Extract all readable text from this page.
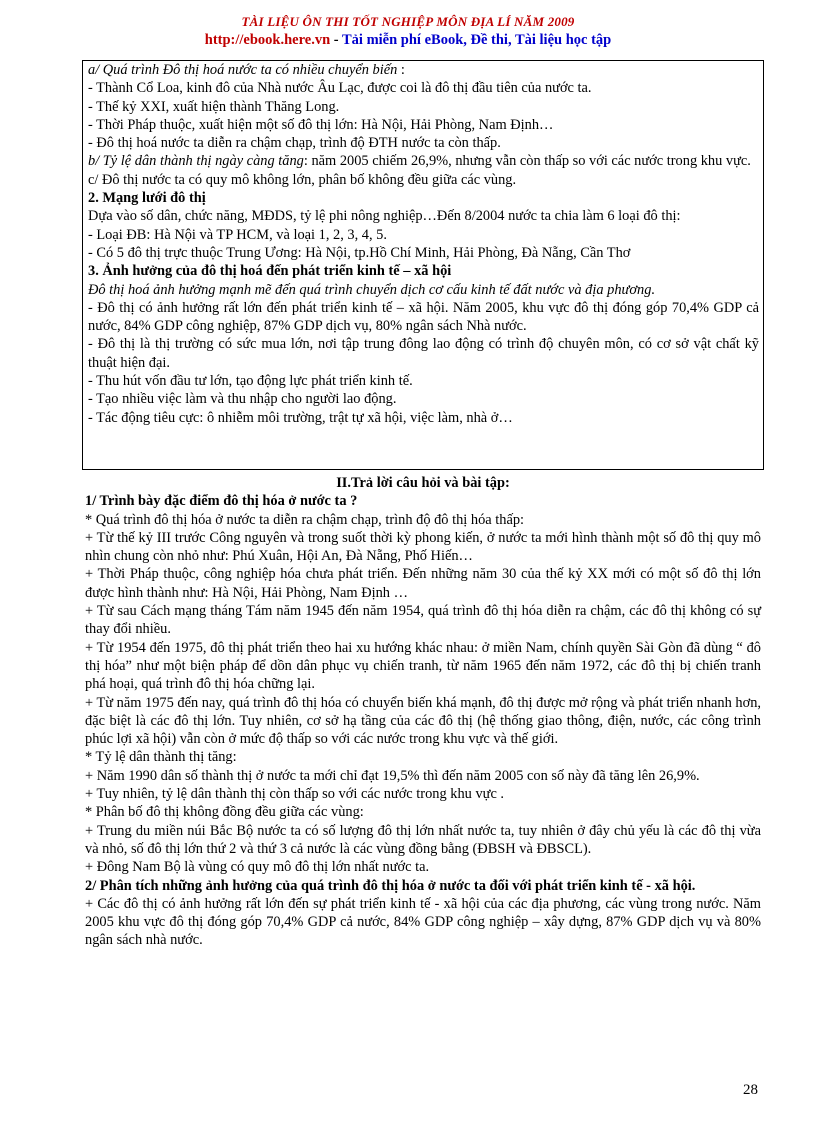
TÀI LIỆU ÔN THI TỐT NGHIỆP MÔN ĐỊA LÍ NĂM 2009
http://ebook.here.vn - Tải miễn phí eBook, Đề thi, Tài liệu học tập
a/ Quá trình Đô thị hoá nước ta có nhiều chuyển biến :
- Thành Cổ Loa, kinh đô của Nhà nước Âu Lạc, được coi là đô thị đầu tiên của nước ta.
- Thế kỷ XXI, xuất hiện thành Thăng Long.
- Thời Pháp thuộc, xuất hiện một số đô thị lớn: Hà Nội, Hải Phòng, Nam Định…
- Đô thị hoá nước ta diễn ra chậm chạp, trình độ ĐTH nước ta còn thấp.
b/ Tỷ lệ dân thành thị ngày càng tăng: năm 2005 chiếm 26,9%, nhưng vẫn còn thấp so với các nước trong khu vực.
c/ Đô thị nước ta có quy mô không lớn, phân bố không đều giữa các vùng.
2. Mạng lưới đô thị
Dựa vào số dân, chức năng, MĐDS, tỷ lệ phi nông nghiệp…Đến 8/2004 nước ta chia làm 6 loại đô thị:
- Loại ĐB: Hà Nội và TP HCM, và loại 1, 2, 3, 4, 5.
- Có 5 đô thị trực thuộc Trung Ương: Hà Nội, tp.Hồ Chí Minh, Hải Phòng, Đà Nẵng, Cần Thơ
3. Ảnh hưởng của đô thị hoá đến phát triển kinh tế – xã hội
Đô thị hoá ảnh hưởng mạnh mẽ đến quá trình chuyển dịch cơ cấu kinh tế đất nước và địa phương.
- Đô thị có ảnh hưởng rất lớn đến phát triển kinh tế – xã hội. Năm 2005, khu vực đô thị đóng góp 70,4% GDP cả nước, 84% GDP công nghiệp, 87% GDP dịch vụ, 80% ngân sách Nhà nước.
- Đô thị là thị trường có sức mua lớn, nơi tập trung đông lao động có trình độ chuyên môn, có cơ sở vật chất kỹ thuật hiện đại.
- Thu hút vốn đầu tư lớn, tạo động lực phát triển kinh tế.
- Tạo nhiều việc làm và thu nhập cho người lao động.
- Tác động tiêu cực: ô nhiễm môi trường, trật tự xã hội, việc làm, nhà ở…
II.Trả lời câu hỏi và bài tập:
1/ Trình bày đặc điểm đô thị hóa ở nước ta ?
* Quá trình đô thị hóa ở nước ta diễn ra chậm chạp, trình độ đô thị hóa thấp:
+ Từ thế kỷ III trước Công nguyên và trong suốt thời kỳ phong kiến, ở nước ta mới hình thành một số đô thị quy mô nhìn chung còn nhỏ như: Phú Xuân, Hội An, Đà Nẵng, Phố Hiến…
+ Thời Pháp thuộc, công nghiệp hóa chưa phát triển. Đến những năm 30 của thế kỷ XX mới có một số đô thị lớn được hình thành như: Hà Nội, Hải Phòng, Nam Định …
+ Từ sau Cách mạng tháng Tám năm 1945 đến năm 1954, quá trình đô thị hóa diễn ra chậm, các đô thị không có sự thay đổi nhiều.
+ Từ 1954 đến 1975, đô thị phát triển theo hai xu hướng khác nhau: ở miền Nam, chính quyền Sài Gòn đã dùng “ đô thị hóa” như một biện pháp để dồn dân phục vụ chiến tranh, từ năm 1965 đến năm 1972, các đô thị bị chiến tranh phá hoại, quá trình đô thị hóa chững lại.
+ Từ năm 1975 đến nay, quá trình đô thị hóa có chuyển biến khá mạnh, đô thị được mở rộng và phát triển nhanh hơn, đặc biệt là các đô thị lớn. Tuy nhiên, cơ sở hạ tầng của các đô thị (hệ thống giao thông, điện, nước, các công trình phúc lợi xã hội) vẫn còn ở mức độ thấp so với các nước trong khu vực và thế giới.
* Tỷ lệ dân thành thị tăng:
+ Năm 1990 dân số thành thị ở nước ta mới chỉ đạt 19,5% thì đến năm 2005 con số này đã tăng lên 26,9%.
+ Tuy nhiên, tỷ lệ dân thành thị còn thấp so với các nước trong khu vực .
* Phân bố đô thị không đồng đều giữa các vùng:
+ Trung du miền núi Bắc Bộ nước ta có số lượng đô thị lớn nhất nước ta, tuy nhiên ở đây chủ yếu là các đô thị vừa và nhỏ, số đô thị lớn thứ 2 và thứ 3 cả nước là các vùng đồng bằng (ĐBSH và ĐBSCL).
+ Đông Nam Bộ là vùng có quy mô đô thị lớn nhất nước ta.
2/ Phân tích những ảnh hưởng của quá trình đô thị hóa ở nước ta đối với phát triển kinh tế - xã hội.
+ Các đô thị có ảnh hưởng rất lớn đến sự phát triển kinh tế - xã hội của các địa phương, các vùng trong nước. Năm 2005 khu vực đô thị đóng góp 70,4% GDP cả nước, 84% GDP công nghiệp – xây dựng, 87% GDP dịch vụ và 80% ngân sách nhà nước.
28
